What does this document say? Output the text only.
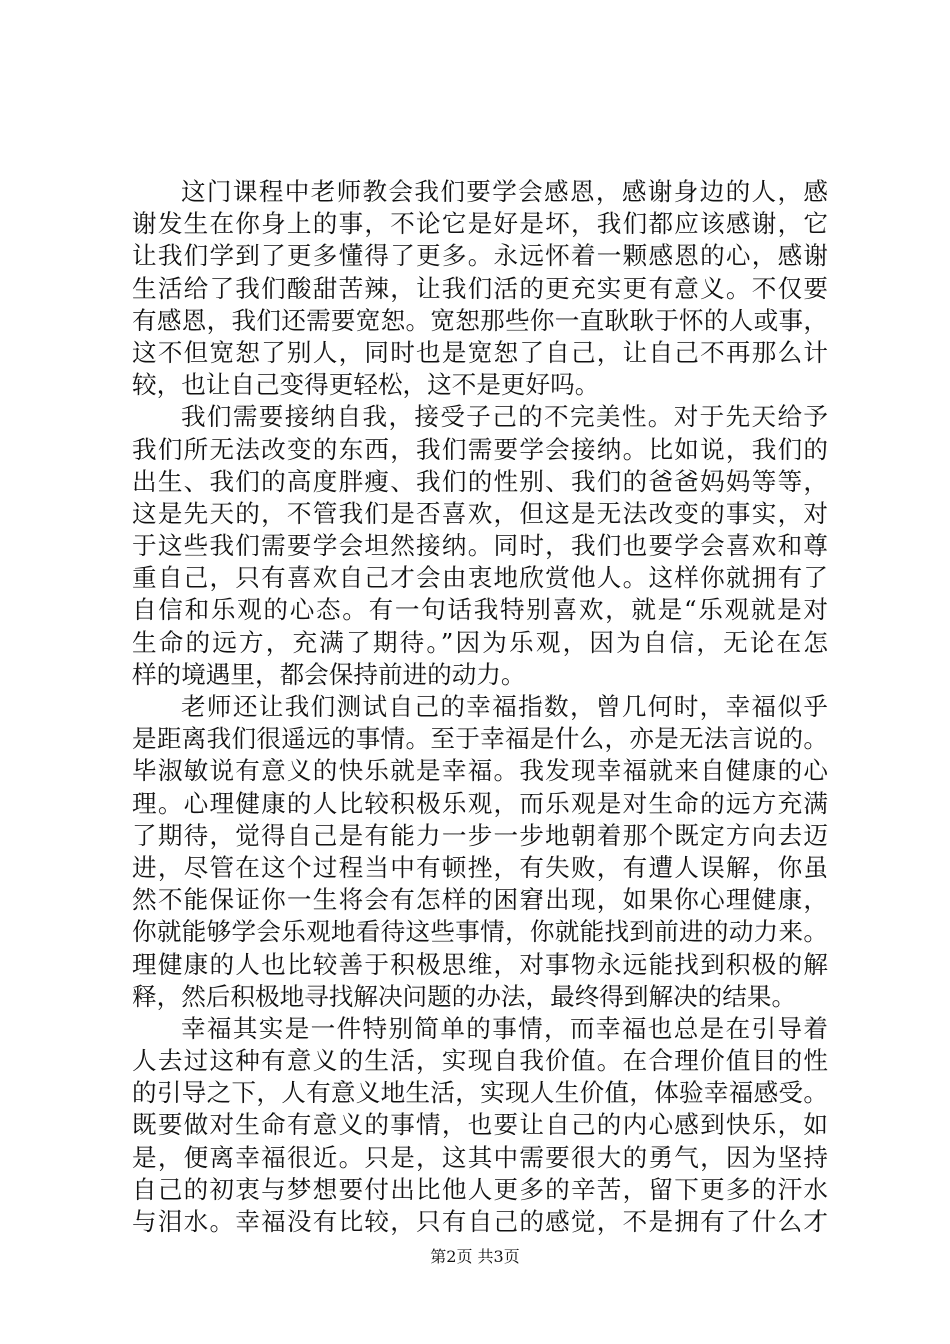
这门课程中老师教会我们要学会感恩，感谢身边的人，感
谢发生在你身上的事，不论它是好是坏，我们都应该感谢，它
让我们学到了更多懂得了更多。永远怀着一颗感恩的心，感谢
生活给了我们酸甜苦辣，让我们活的更充实更有意义。不仅要
有感恩，我们还需要宽恕。宽恕那些你一直耿耿于怀的人或事，
这不但宽恕了别人，同时也是宽恕了自己，让自己不再那么计
较，也让自己变得更轻松，这不是更好吗。
我们需要接纳自我，接受子己的不完美性。对于先天给予
我们所无法改变的东西，我们需要学会接纳。比如说，我们的
出生、我们的高度胖瘦、我们的性别、我们的爸爸妈妈等等，
这是先天的，不管我们是否喜欢，但这是无法改变的事实，对
于这些我们需要学会坦然接纳。同时，我们也要学会喜欢和尊
重自己，只有喜欢自己才会由衷地欣赏他人。这样你就拥有了
自信和乐观的心态。有一句话我特别喜欢，就是“乐观就是对
生命的远方，充满了期待。”因为乐观，因为自信，无论在怎
样的境遇里，都会保持前进的动力。
老师还让我们测试自己的幸福指数，曾几何时，幸福似乎
是距离我们很遥远的事情。至于幸福是什么，亦是无法言说的。
毕淑敏说有意义的快乐就是幸福。我发现幸福就来自健康的心
理。心理健康的人比较积极乐观，而乐观是对生命的远方充满
了期待，觉得自己是有能力一步一步地朝着那个既定方向去迈
进，尽管在这个过程当中有顿挫，有失败，有遭人误解，你虽
然不能保证你一生将会有怎样的困窘出现，如果你心理健康，
你就能够学会乐观地看待这些事情，你就能找到前进的动力来。
理健康的人也比较善于积极思维，对事物永远能找到积极的解
释，然后积极地寻找解决问题的办法，最终得到解决的结果。
幸福其实是一件特别简单的事情，而幸福也总是在引导着
人去过这种有意义的生活，实现自我价值。在合理价值目的性
的引导之下，人有意义地生活，实现人生价值，体验幸福感受。
既要做对生命有意义的事情，也要让自己的内心感到快乐，如
是，便离幸福很近。只是，这其中需要很大的勇气，因为坚持
自己的初衷与梦想要付出比他人更多的辛苦，留下更多的汗水
与泪水。幸福没有比较，只有自己的感觉，不是拥有了什么才
第2页 共3页
